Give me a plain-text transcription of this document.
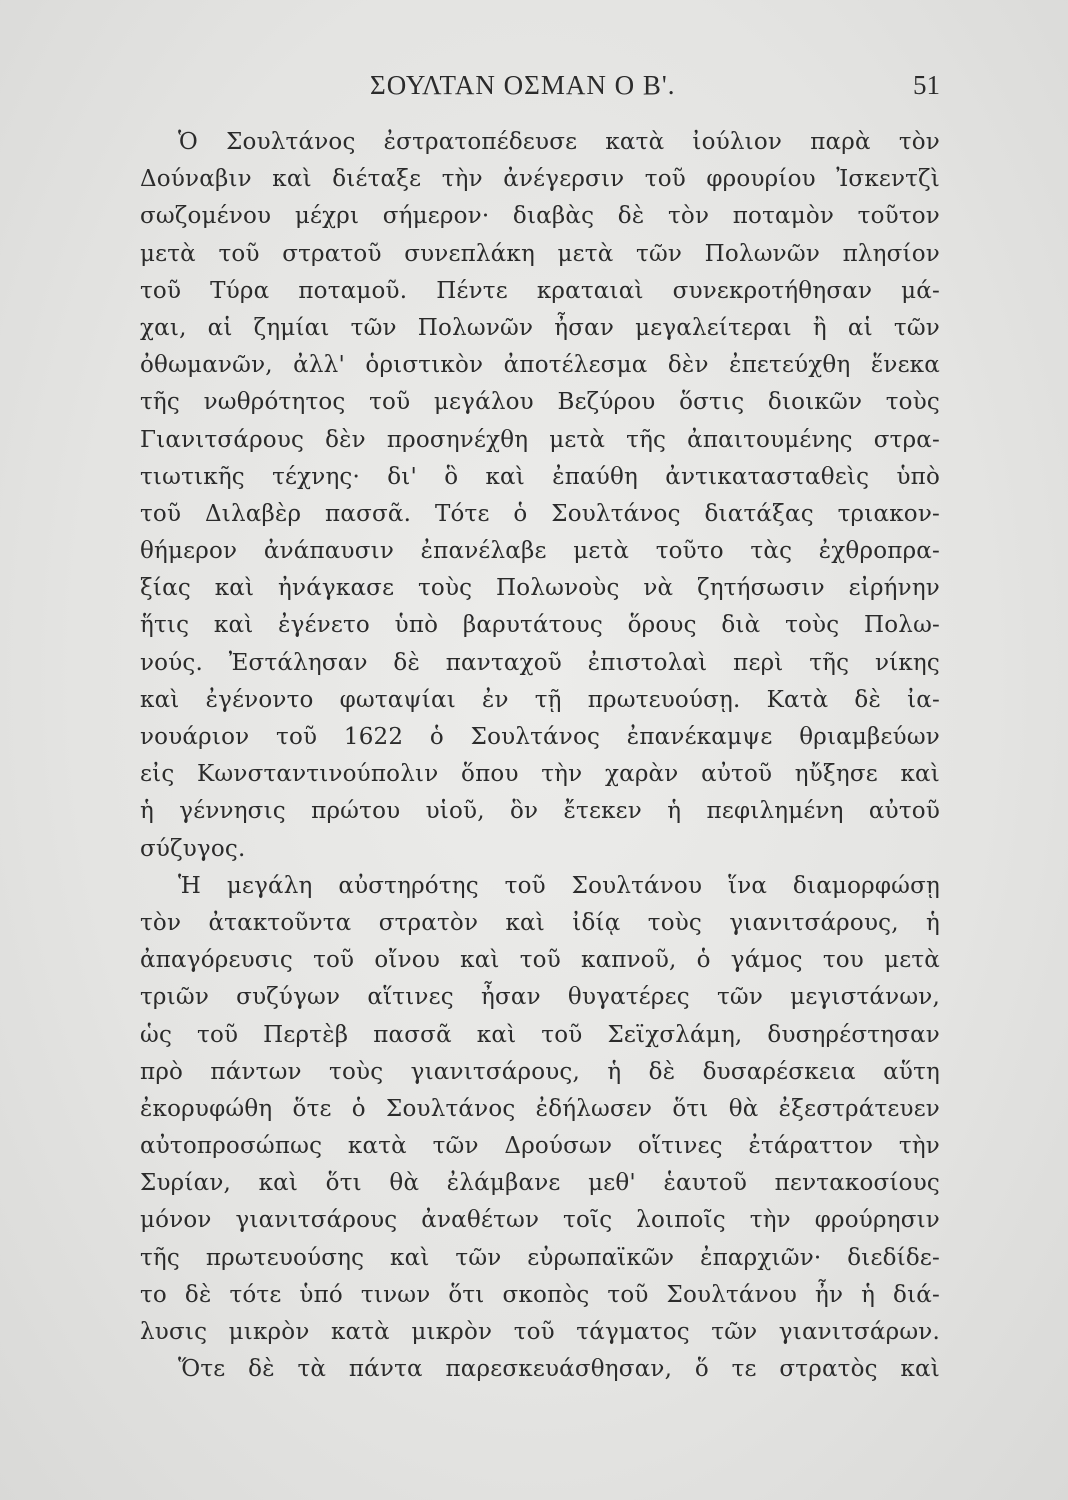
ΣΟΥΛΤΑΝ ΟΣΜΑΝ Ο Β'.	51
Ὁ Σουλτάνος ἐστρατοπέδευσε κατὰ ἰούλιον παρὰ τὸν
Δούναβιν καὶ διέταξε τὴν ἀνέγερσιν τοῦ φρουρίου Ἰσκεντζὶ
σωζομένου μέχρι σήμερον· διαβὰς δὲ τὸν ποταμὸν τοῦτον
μετὰ τοῦ στρατοῦ συνεπλάκη μετὰ τῶν Πολωνῶν πλησίον
τοῦ Τύρα ποταμοῦ. Πέντε κραταιαὶ συνεκροτήθησαν μά-
χαι, αἱ ζημίαι τῶν Πολωνῶν ἦσαν μεγαλείτεραι ἢ αἱ τῶν
ὀθωμανῶν, ἀλλ' ὁριστικὸν ἀποτέλεσμα δὲν ἐπετεύχθη ἕνεκα
τῆς νωθρότητος τοῦ μεγάλου Βεζύρου ὅστις διοικῶν τοὺς
Γιανιτσάρους δὲν προσηνέχθη μετὰ τῆς ἀπαιτουμένης στρα-
τιωτικῆς τέχνης· δι' ὃ καὶ ἐπαύθη ἀντικατασταθεὶς ὑπὸ
τοῦ Διλαβὲρ πασσᾶ. Τότε ὁ Σουλτάνος διατάξας τριακον-
θήμερον ἀνάπαυσιν ἐπανέλαβε μετὰ τοῦτο τὰς ἐχθροπρα-
ξίας καὶ ἠνάγκασε τοὺς Πολωνοὺς νὰ ζητήσωσιν εἰρήνην
ἥτις καὶ ἐγένετο ὑπὸ βαρυτάτους ὅρους διὰ τοὺς Πολω-
νούς. Ἐστάλησαν δὲ πανταχοῦ ἐπιστολαὶ περὶ τῆς νίκης
καὶ ἐγένοντο φωταψίαι ἐν τῇ πρωτευούσῃ. Κατὰ δὲ ἰα-
νουάριον τοῦ 1622 ὁ Σουλτάνος ἐπανέκαμψε θριαμβεύων
εἰς Κωνσταντινούπολιν ὅπου τὴν χαρὰν αὐτοῦ ηὔξησε καὶ
ἡ γέννησις πρώτου υἱοῦ, ὃν ἔτεκεν ἡ πεφιλημένη αὐτοῦ
σύζυγος.
Ἡ μεγάλη αὐστηρότης τοῦ Σουλτάνου ἵνα διαμορφώσῃ
τὸν ἀτακτοῦντα στρατὸν καὶ ἰδίᾳ τοὺς γιανιτσάρους, ἡ
ἀπαγόρευσις τοῦ οἴνου καὶ τοῦ καπνοῦ, ὁ γάμος του μετὰ
τριῶν συζύγων αἵτινες ἦσαν θυγατέρες τῶν μεγιστάνων,
ὡς τοῦ Περτὲβ πασσᾶ καὶ τοῦ Σεϊχσλάμη, δυσηρέστησαν
πρὸ πάντων τοὺς γιανιτσάρους, ἡ δὲ δυσαρέσκεια αὕτη
ἐκορυφώθη ὅτε ὁ Σουλτάνος ἐδήλωσεν ὅτι θὰ ἐξεστράτευεν
αὐτοπροσώπως κατὰ τῶν Δρούσων οἵτινες ἐτάραττον τὴν
Συρίαν, καὶ ὅτι θὰ ἐλάμβανε μεθ' ἑαυτοῦ πεντακοσίους
μόνον γιανιτσάρους ἀναθέτων τοῖς λοιποῖς τὴν φρούρησιν
τῆς πρωτευούσης καὶ τῶν εὐρωπαϊκῶν ἐπαρχιῶν· διεδίδε-
το δὲ τότε ὑπό τινων ὅτι σκοπὸς τοῦ Σουλτάνου ἦν ἡ διά-
λυσις μικρὸν κατὰ μικρὸν τοῦ τάγματος τῶν γιανιτσάρων.
Ὅτε δὲ τὰ πάντα παρεσκευάσθησαν, ὅ τε στρατὸς καὶ
